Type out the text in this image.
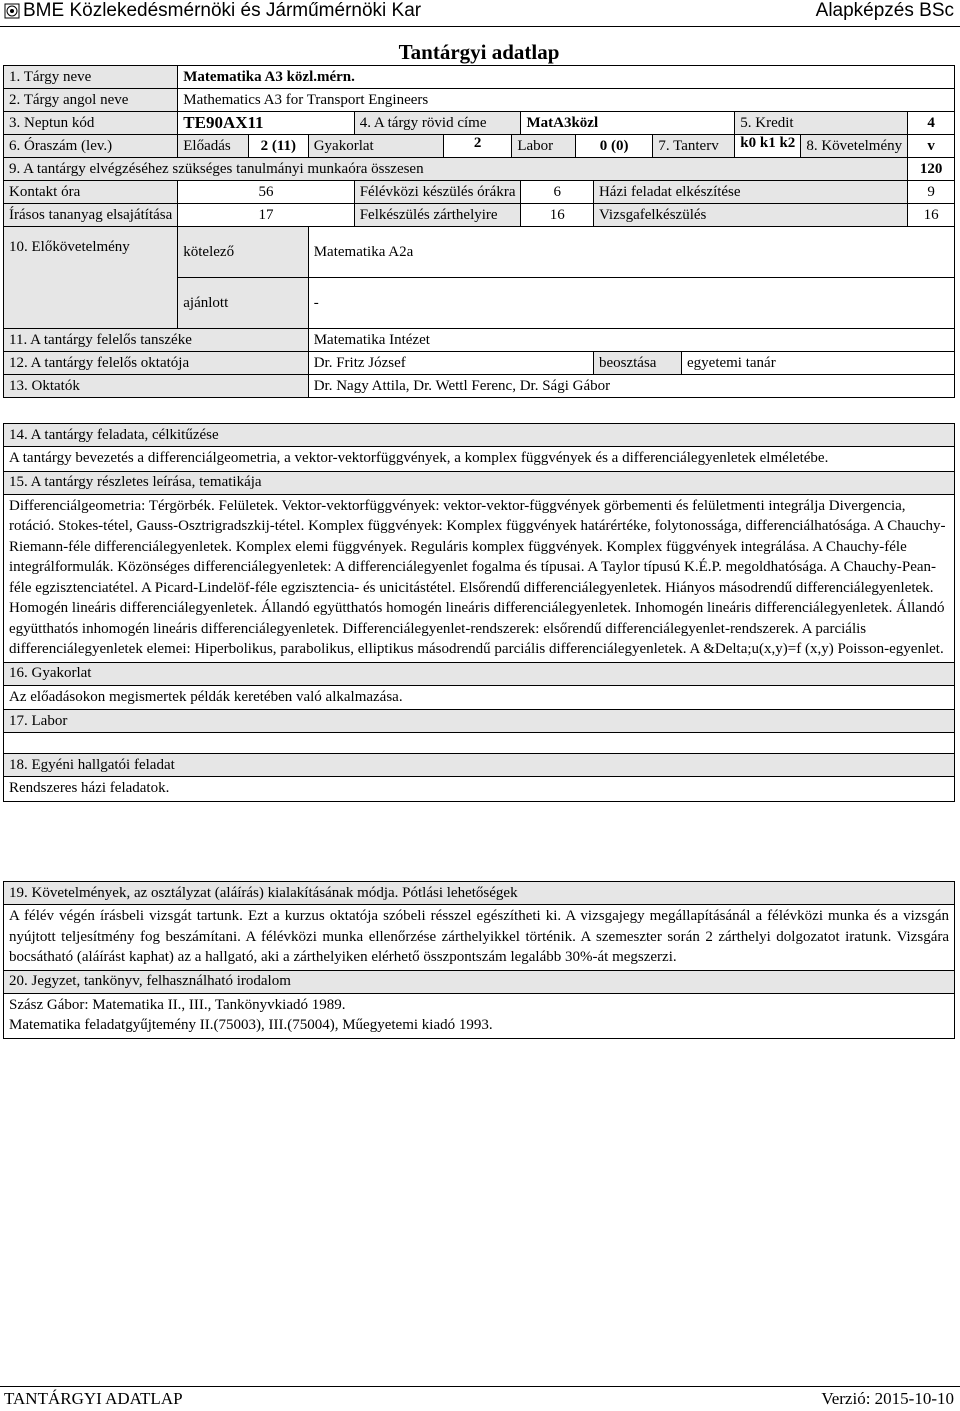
BME Közlekedésmérnöki és Járműmérnöki Kar	Alapképzés BSc
Tantárgyi adatlap														
1. Tárgy neve	Matematika A3 közl.mérn.													
2. Tárgy angol neve	Mathematics A3 for Transport Engineers													
3. Neptun kód	TE90AX11			4. A tárgy rövid címe			MatA3közl					5. Kredit		4
6. Óraszám (lev.)	Előadás	2 (11)	Gyakorlat		2	Labor		0 (0)		7. Tanterv		k0 k1 k2	8. Követelmény	v
9. A tantárgy elvégzéséhez szükséges tanulmányi munkaóra összesen														120
Kontakt óra	56			Félévközi készülés órákra			6		Házi feladat elkészítése					9
Írásos tananyag elsajátítása	17			Felkészülés zárthelyire			16		Vizsgafelkészülés					16
10. Előkövetelmény	kötelező		Matematika A2a											
	ajánlott		-											
11. A tantárgy felelős tanszéke			Matematika Intézet											
12. A tantárgy felelős oktatója			Dr. Fritz József						beosztása		egyetemi tanár			
13. Oktatók			Dr. Nagy Attila, Dr. Wettl Ferenc, Dr. Sági Gábor											
14. A tantárgy feladata, célkitűzése
A tantárgy bevezetés a differenciálgeometria, a vektor-vektorfüggvények, a komplex függvények és a differenciálegyenletek elméletébe.
15. A tantárgy részletes leírása, tematikája
Differenciálgeometria: Térgörbék. Felületek. Vektor-vektorfüggvények: vektor-vektor-függvények görbementi és felületmenti integrálja Divergencia, rotáció. Stokes-tétel, Gauss-Osztrigradszkij-tétel. Komplex függvények: Komplex függvények határértéke, folytonossága, differenciálhatósága. A Chauchy-Riemann-féle differenciálegyenletek. Komplex elemi függvények. Reguláris komplex függvények. Komplex függvények integrálása. A Chauchy-féle integrálformulák. Közönséges differenciálegyenletek: A differenciálegyenlet fogalma és típusai. A Taylor típusú K.É.P. megoldhatósága. A Chauchy-Pean-féle egzisztenciatétel. A Picard-Lindelöf-féle egzisztencia- és unicitástétel. Elsőrendű differenciálegyenletek. Hiányos másodrendű differenciálegyenletek. Homogén lineáris differenciálegyenletek. Állandó együtthatós homogén lineáris differenciálegyenletek. Inhomogén lineáris differenciálegyenletek. Állandó együtthatós inhomogén lineáris differenciálegyenletek. Differenciálegyenlet-rendszerek: elsőrendű differenciálegyenlet-rendszerek. A parciális differenciálegyenletek elemei: Hiperbolikus, parabolikus, elliptikus másodrendű parciális differenciálegyenletek. A &Delta;u(x,y)=f (x,y) Poisson-egyenlet.
16. Gyakorlat
Az előadásokon megismertek példák keretében való alkalmazása.
17. Labor

18. Egyéni hallgatói feladat
Rendszeres házi feladatok.
19. Követelmények, az osztályzat (aláírás) kialakításának módja. Pótlási lehetőségek
A félév végén írásbeli vizsgát tartunk. Ezt a kurzus oktatója szóbeli résszel egészítheti ki. A vizsgajegy megállapításánál a félévközi munka és a vizsgán nyújtott teljesítmény fog beszámítani. A félévközi munka ellenőrzése zárthelyikkel történik. A szemeszter során 2 zárthelyi dolgozatot iratunk. Vizsgára bocsátható (aláírást kaphat) az a hallgató, aki a zárthelyiken elérhető összpontszám legalább 30%-át megszerzi.
20. Jegyzet, tankönyv, felhasználható irodalom

Szász Gábor: Matematika II., III., Tankönyvkiadó 1989.
Matematika feladatgyűjtemény II.(75003), III.(75004), Műegyetemi kiadó 1993.
TANTÁRGYI ADATLAP	Verzió: 2015-10-10
